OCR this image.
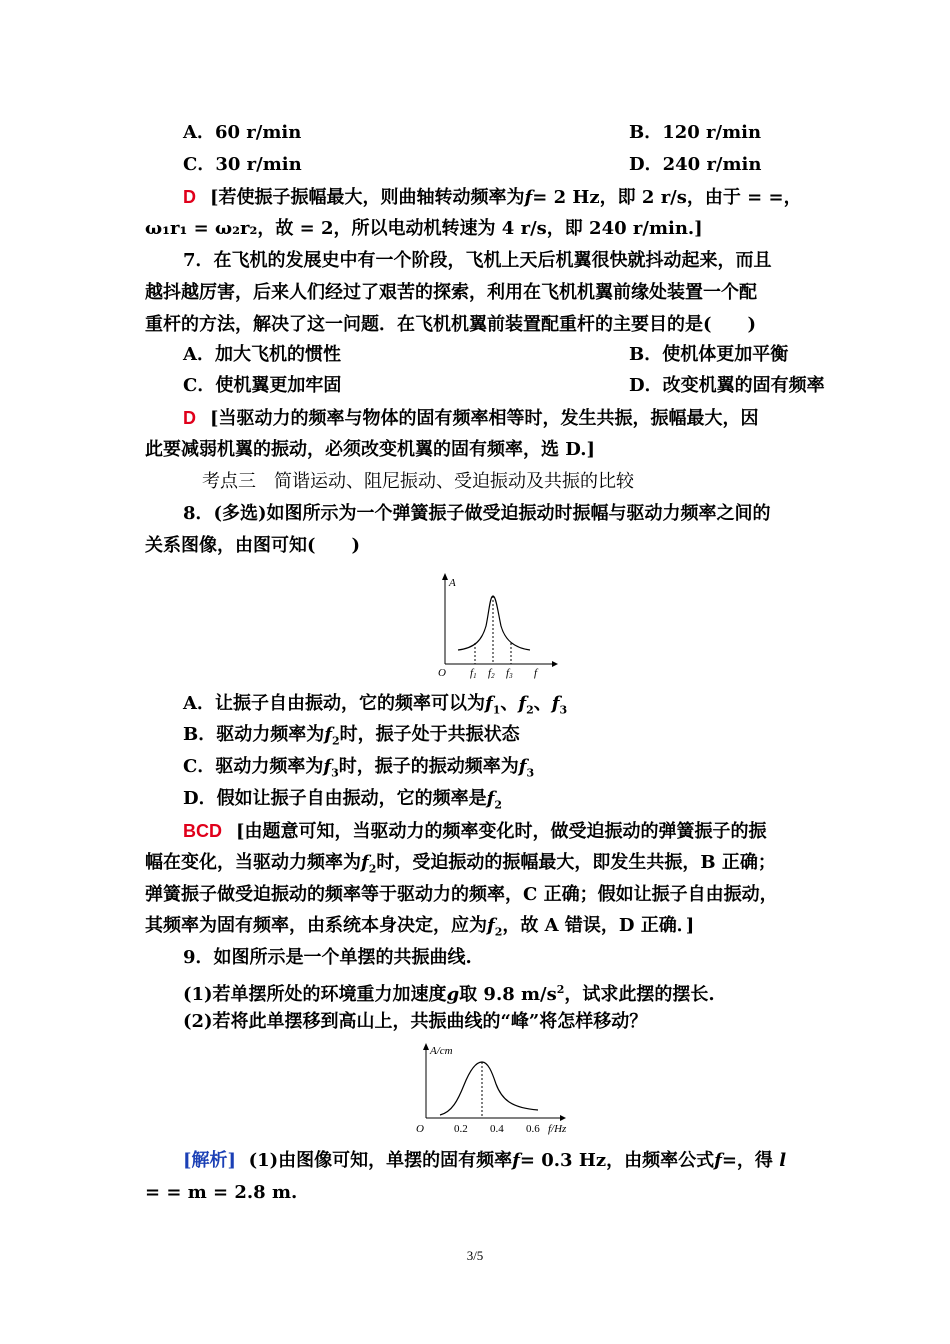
A．60 r/min	B．120 r/min
C．30 r/min	D．240 r/min
D [若使振子振幅最大，则曲轴转动频率为f= 2 Hz，即 2 r/s，由于 = =，
ω₁r₁ = ω₂r₂，故 = 2，所以电动机转速为 4 r/s，即 240 r/min.]
7．在飞机的发展史中有一个阶段，飞机上天后机翼很快就抖动起来，而且
越抖越厉害，后来人们经过了艰苦的探索，利用在飞机机翼前缘处装置一个配
重杆的方法，解决了这一问题．在飞机机翼前装置配重杆的主要目的是(　　)
A．加大飞机的惯性	B．使机体更加平衡
C．使机翼更加牢固	D．改变机翼的固有频率
D [当驱动力的频率与物体的固有频率相等时，发生共振，振幅最大，因
此要减弱机翼的振动，必须改变机翼的固有频率，选 D.]
考点三　简谐运动、阻尼振动、受迫振动及共振的比较
8．(多选)如图所示为一个弹簧振子做受迫振动时振幅与驱动力频率之间的
关系图像，由图可知(　　)
A
O f1 f2 f3 f
A．让振子自由振动，它的频率可以为$f_1$、$f_2$、$f_3$
B．驱动力频率为$f_2$时，振子处于共振状态
C．驱动力频率为$f_3$时，振子的振动频率为$f_3$
D．假如让振子自由振动，它的频率是$f_2$
BCD [由题意可知，当驱动力的频率变化时，做受迫振动的弹簧振子的振
幅在变化，当驱动力频率为$f_2$时，受迫振动的振幅最大，即发生共振，B 正确；
弹簧振子做受迫振动的频率等于驱动力的频率，C 正确；假如让振子自由振动，
其频率为固有频率，由系统本身决定，应为$f_2$，故 A 错误，D 正确．]
9．如图所示是一个单摆的共振曲线.
(1)若单摆所处的环境重力加速度g取 9.8 $m/s^2$，试求此摆的摆长.
(2)若将此单摆移到高山上，共振曲线的“峰”将怎样移动？
A/cm
O	0.2 0.4 0.6 f/Hz
[解析] (1)由图像可知，单摆的固有频率f= 0.3 Hz，由频率公式f=，得 l
= = m = 2.8 m.
3/5
